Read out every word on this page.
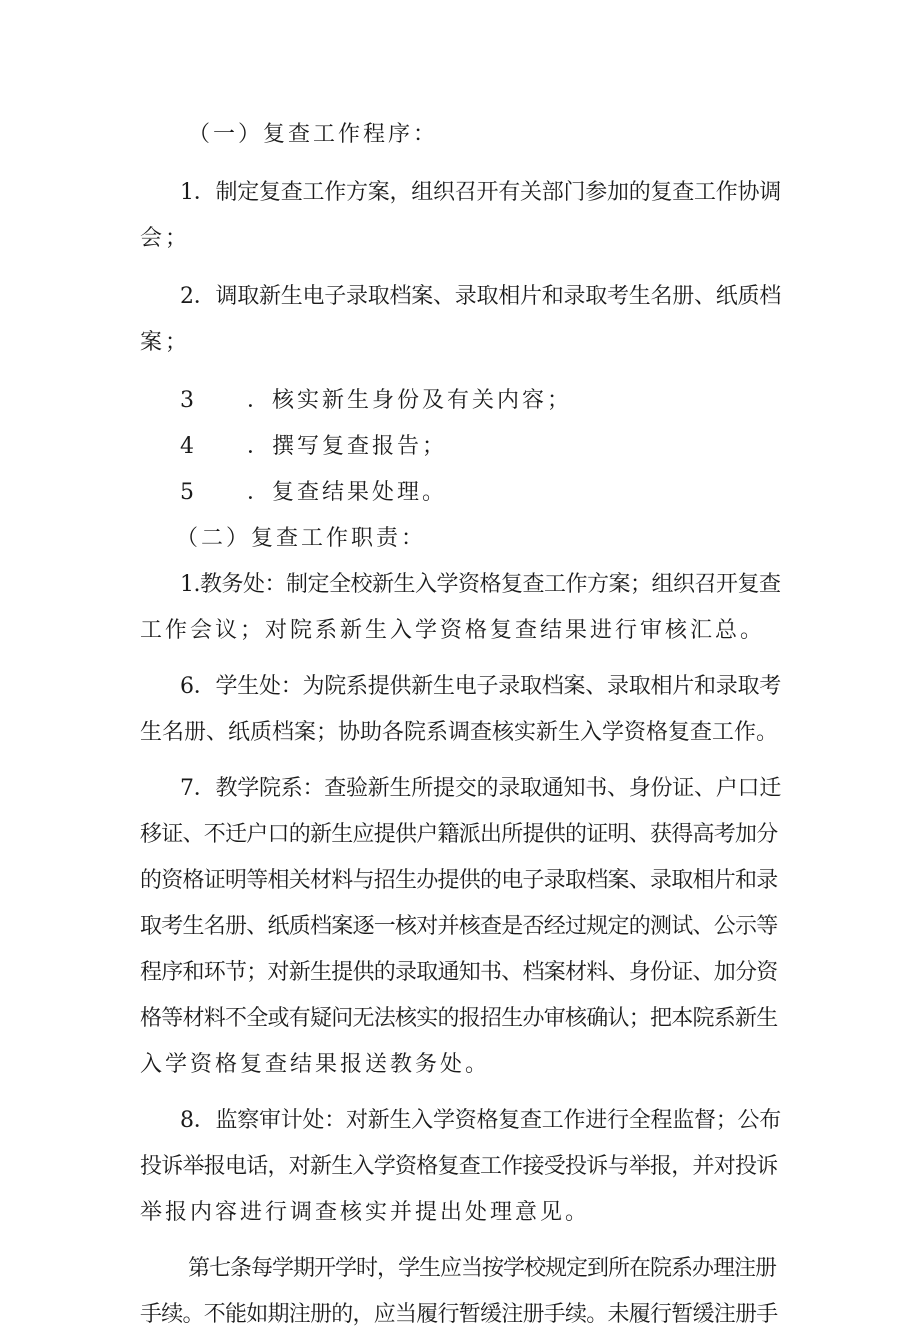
（一）复查工作程序：

1．制定复查工作方案，组织召开有关部门参加的复查工作协调

会；

2．调取新生电子录取档案、录取相片和录取考生名册、纸质档

案；

3　　．核实新生身份及有关内容；

4　　．撰写复查报告；

5　　．复查结果处理。

（二）复查工作职责：

1.教务处：制定全校新生入学资格复查工作方案；组织召开复查

工作会议；对院系新生入学资格复查结果进行审核汇总。

6．学生处：为院系提供新生电子录取档案、录取相片和录取考

生名册、纸质档案；协助各院系调查核实新生入学资格复查工作。

7．教学院系：查验新生所提交的录取通知书、身份证、户口迁

移证、不迁户口的新生应提供户籍派出所提供的证明、获得高考加分

的资格证明等相关材料与招生办提供的电子录取档案、录取相片和录

取考生名册、纸质档案逐一核对并核查是否经过规定的测试、公示等

程序和环节；对新生提供的录取通知书、档案材料、身份证、加分资

格等材料不全或有疑问无法核实的报招生办审核确认；把本院系新生

入学资格复查结果报送教务处。

8．监察审计处：对新生入学资格复查工作进行全程监督；公布

投诉举报电话，对新生入学资格复查工作接受投诉与举报，并对投诉

举报内容进行调查核实并提出处理意见。

第七条每学期开学时，学生应当按学校规定到所在院系办理注册

手续。不能如期注册的，应当履行暂缓注册手续。未履行暂缓注册手
